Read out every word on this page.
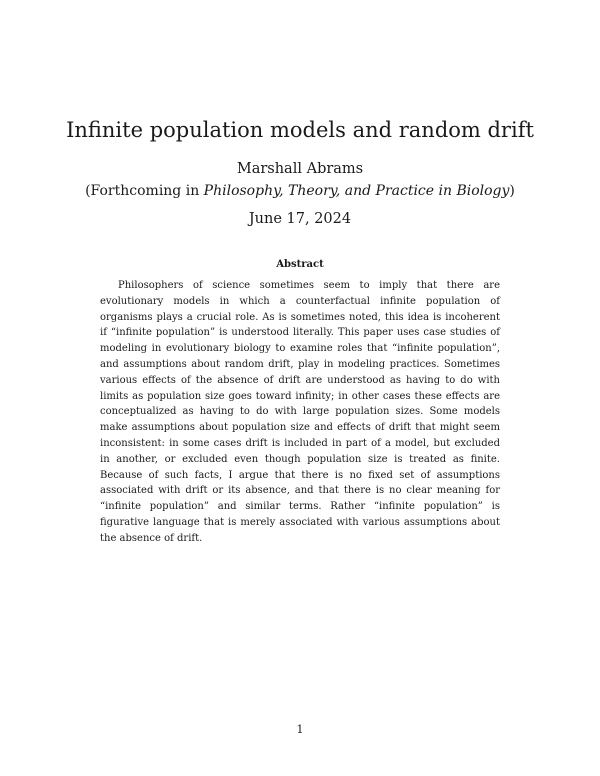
Infinite population models and random drift

Marshall Abrams

(Forthcoming in Philosophy, Theory, and Practice in Biology)

June 17, 2024

Abstract

Philosophers of science sometimes seem to imply that there are evolutionary models in which a counterfactual infinite population of organisms plays a crucial role. As is sometimes noted, this idea is incoherent if “infinite population” is understood literally. This paper uses case studies of modeling in evolutionary biology to examine roles that “infinite population”, and assumptions about random drift, play in modeling practices. Sometimes various effects of the absence of drift are understood as having to do with limits as population size goes toward infinity; in other cases these effects are conceptualized as having to do with large population sizes. Some models make assumptions about population size and effects of drift that might seem inconsistent: in some cases drift is included in part of a model, but excluded in another, or excluded even though population size is treated as finite. Because of such facts, I argue that there is no fixed set of assumptions associated with drift or its absence, and that there is no clear meaning for “infinite population” and similar terms. Rather “infinite population” is figurative language that is merely associated with various assumptions about the absence of drift.

1
